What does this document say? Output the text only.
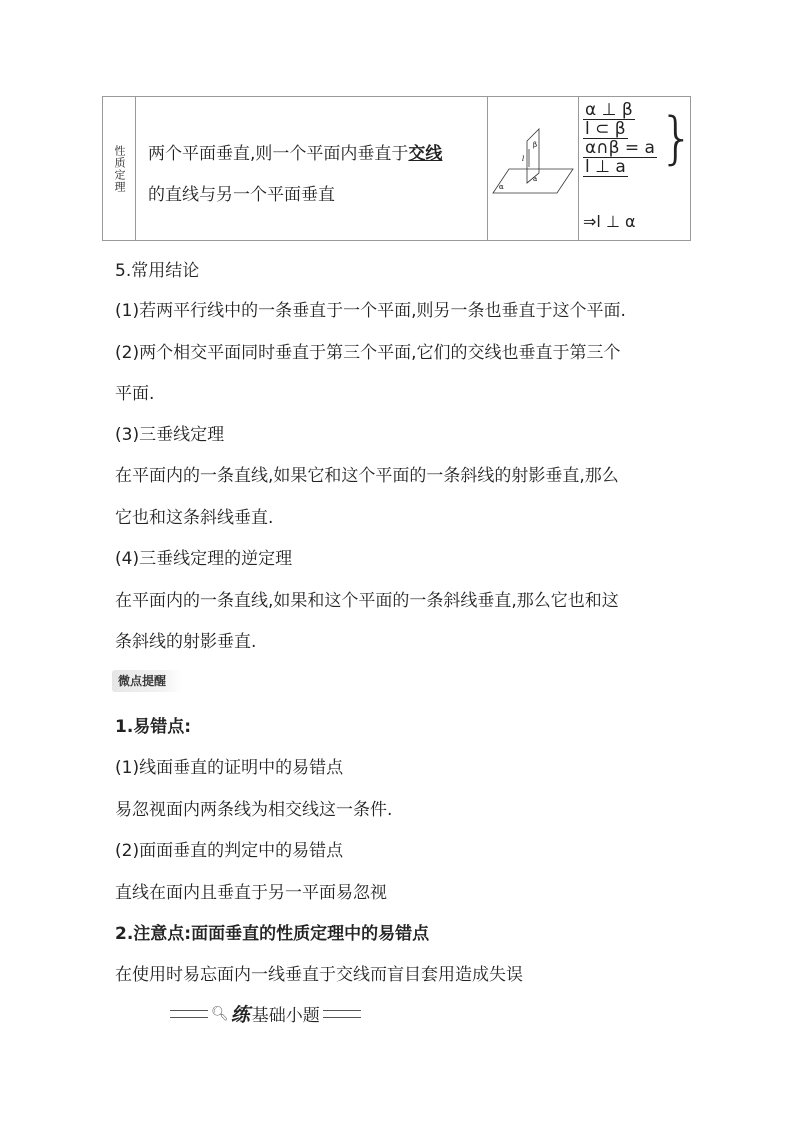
性质定理 两个平面垂直,则一个平面内垂直于交线
的直线与另一个平面垂直	α
β
l
a
α ⊥ β
l ⊂ β
α∩β = a
l ⊥ a }
⇒l ⊥ α
5.常用结论
(1)若两平行线中的一条垂直于一个平面,则另一条也垂直于这个平面.
(2)两个相交平面同时垂直于第三个平面,它们的交线也垂直于第三个
平面.
(3)三垂线定理
在平面内的一条直线,如果它和这个平面的一条斜线的射影垂直,那么
它也和这条斜线垂直.
(4)三垂线定理的逆定理
在平面内的一条直线,如果和这个平面的一条斜线垂直,那么它也和这
条斜线的射影垂直.
微点提醒
1.易错点:
(1)线面垂直的证明中的易错点
易忽视面内两条线为相交线这一条件.
(2)面面垂直的判定中的易错点
直线在面内且垂直于另一平面易忽视
2.注意点:面面垂直的性质定理中的易错点
在使用时易忘面内一线垂直于交线而盲目套用造成失误
🔍︎ 练 基础小题
